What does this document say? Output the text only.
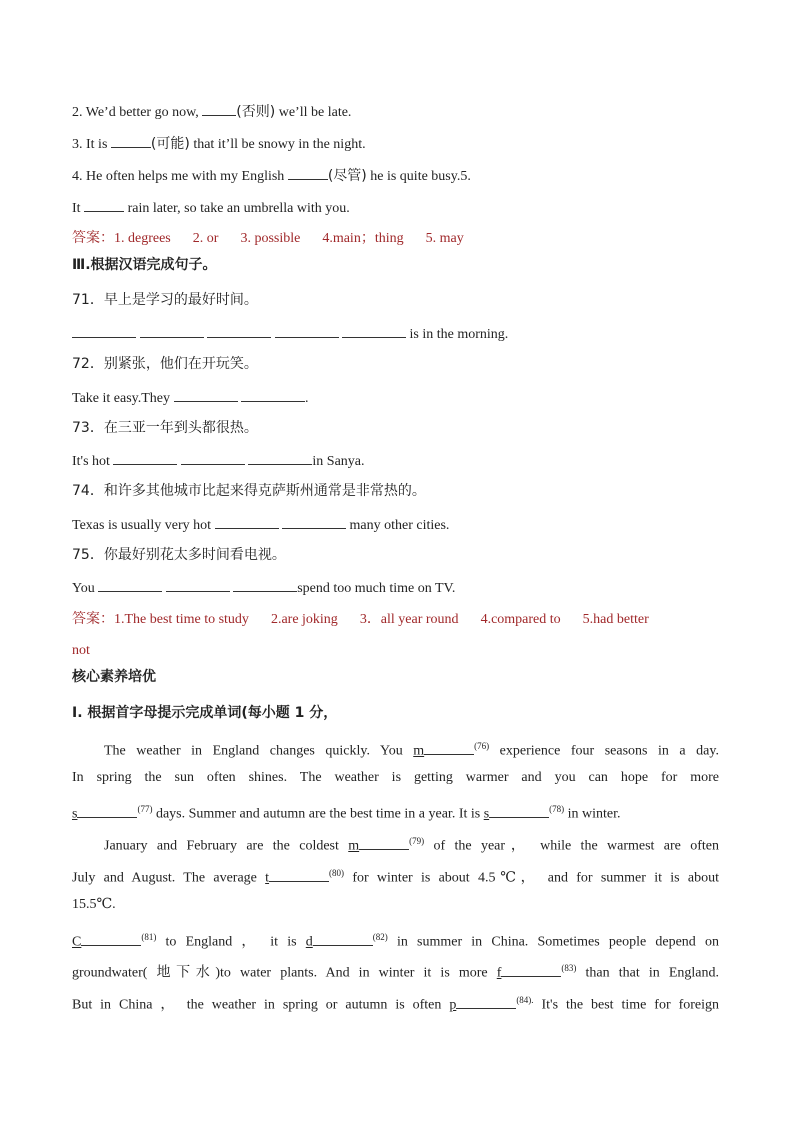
2. We’d better go now, (否则) we’ll be late.
3. It is	(可能) that it’ll be snowy in the night.
4. He often helps me with my English	(尽管) he is quite busy.5.
It	rain later, so take an umbrella with you.
答案：1. degrees 2. or 3. possible 4.main；thing 5. may
Ⅲ.根据汉语完成句子。
71．早上是学习的最好时间。
is in the morning.
72．别紧张，他们在开玩笑。
Take it easy.They	.
73．在三亚一年到头都很热。
It's hot	in Sanya.
74．和许多其他城市比起来得克萨斯州通常是非常热的。
Texas is usually very hot	many other cities.
75．你最好别花太多时间看电视。
You	spend too much time on TV.
答案：1.The best time to study 2.are joking 3．all year round 4.compared to 5.had better
not
核心素养培优
Ⅰ. 根据首字母提示完成单词(每小题 1 分，
The weather in England changes quickly. You m	$^{(76)}$ experience four seasons in a day.
In spring the sun often shines. The weather is getting warmer and you can hope for more
s	$^{(77)}$ days. Summer and autumn are the best time in a year. It is s	$^{(78)}$ in winter.
January and February are the coldest m	$^{(79)}$ of the year， while the warmest are often
July and August. The average t	$^{(80)}$ for winter is about 4.5℃， and for summer it is about
15.5℃.
C	$^{(81)}$ to England ， it is d	$^{(82)}$ in summer in China. Sometimes people depend on
groundwater( 地下水)to water plants. And in winter it is more f	$^{(83)}$ than that in England.
But in China ， the weather in spring or autumn is often p	$^{(84).}$ It's the best time for foreign
